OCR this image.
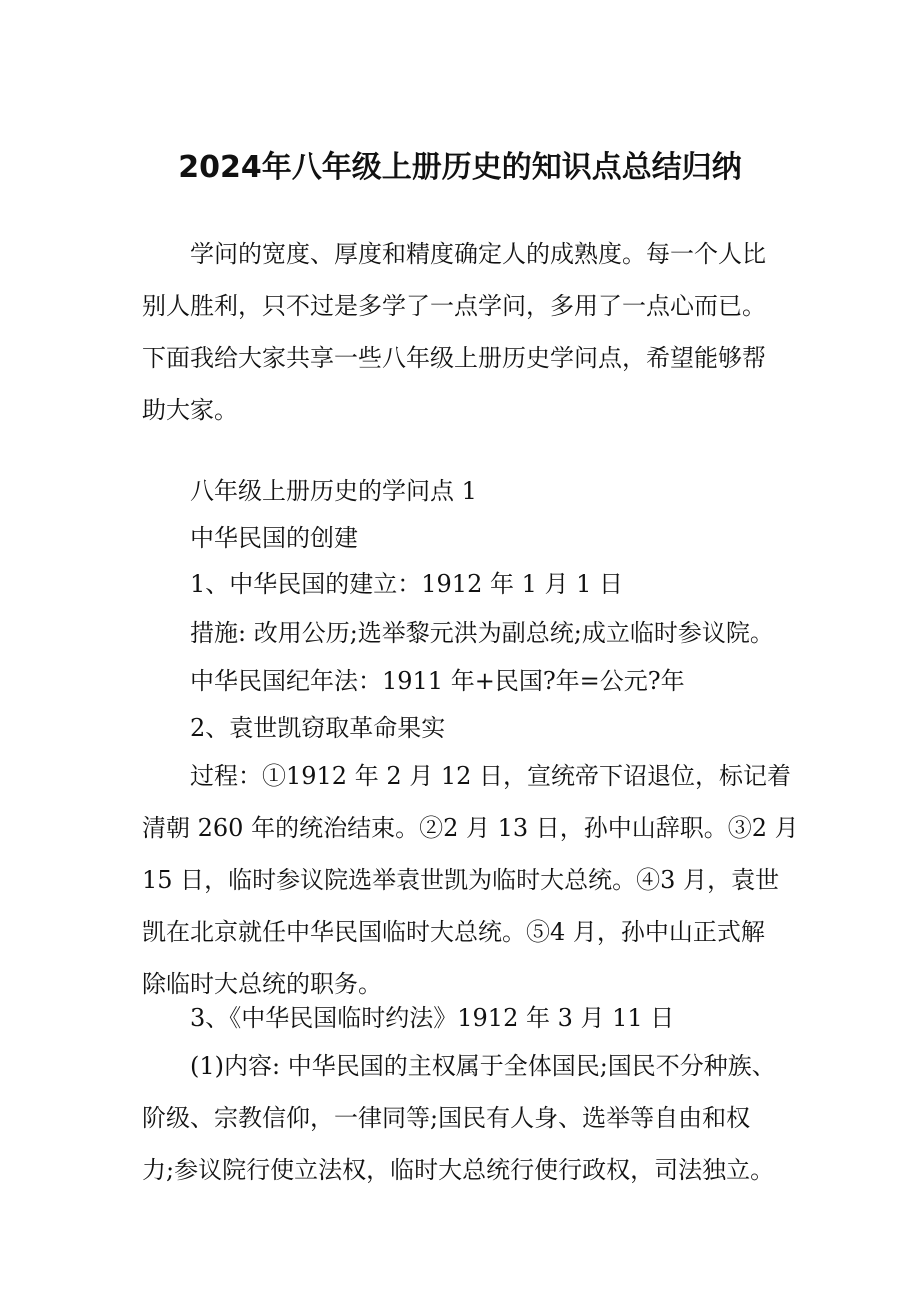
2024年八年级上册历史的知识点总结归纳

学问的宽度、厚度和精度确定人的成熟度。每一个人比
别人胜利，只不过是多学了一点学问，多用了一点心而已。
下面我给大家共享一些八年级上册历史学问点，希望能够帮
助大家。

八年级上册历史的学问点 1

中华民国的创建

1、中华民国的建立：1912 年 1 月 1 日

措施: 改用公历;选举黎元洪为副总统;成立临时参议院。

中华民国纪年法：1911 年+民国?年=公元?年

2、袁世凯窃取革命果实

过程：①1912 年 2 月 12 日，宣统帝下诏退位，标记着
清朝 260 年的统治结束。②2 月 13 日，孙中山辞职。③2 月
15 日，临时参议院选举袁世凯为临时大总统。④3 月，袁世
凯在北京就任中华民国临时大总统。⑤4 月，孙中山正式解
除临时大总统的职务。

3、《中华民国临时约法》1912 年 3 月 11 日

(1)内容: 中华民国的主权属于全体国民;国民不分种族、
阶级、宗教信仰，一律同等;国民有人身、选举等自由和权
力;参议院行使立法权，临时大总统行使行政权，司法独立。
